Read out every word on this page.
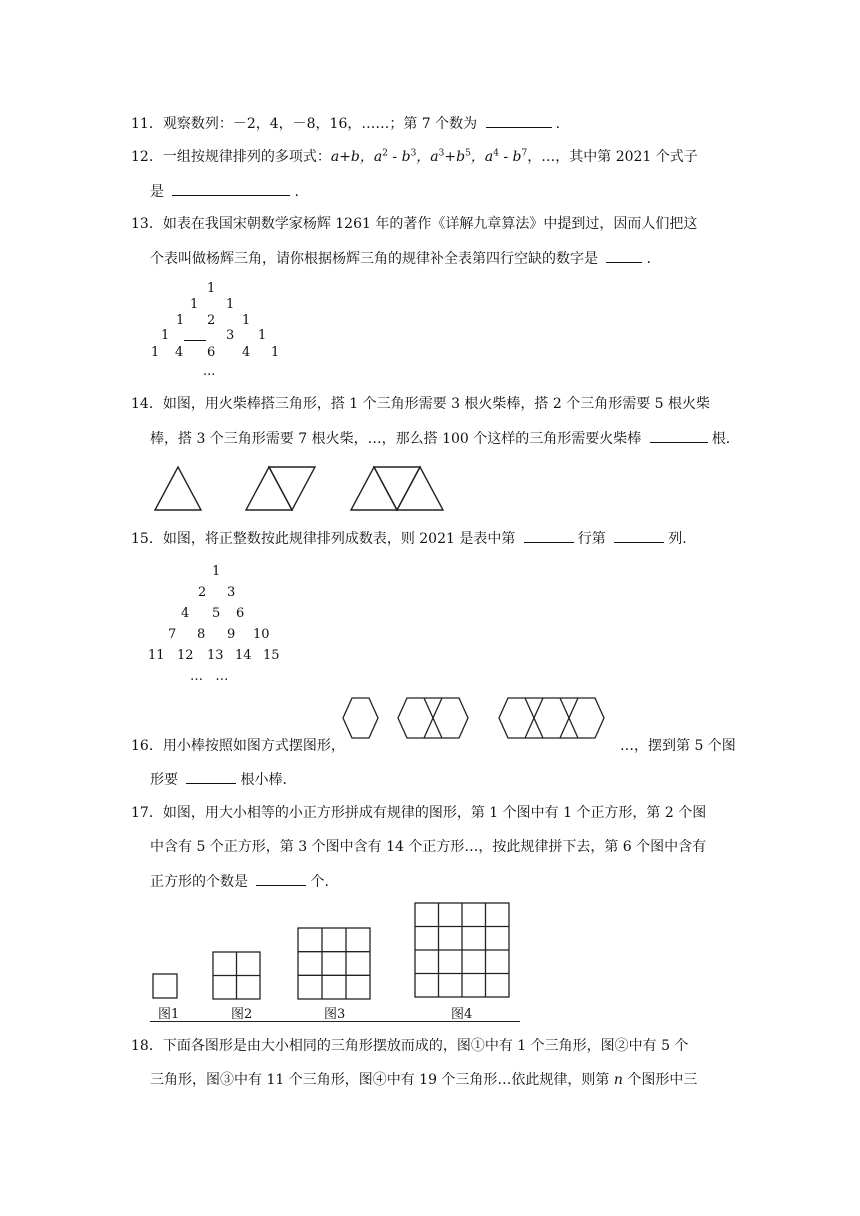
11．观察数列：－2，4，－8，16，……；第 7 个数为	.
12．一组按规律排列的多项式：a+b，$a^2 - b^3$，$a^3+b^5$，$a^4 - b^7$，…，其中第 2021 个式子
是	.
13．如表在我国宋朝数学家杨辉 1261 年的著作《详解九章算法》中提到过，因而人们把这
个表叫做杨辉三角，请你根据杨辉三角的规律补全表第四行空缺的数字是	.
1
1 1
1 2 1
1	3 1
1 4 6 4 1
...
14．如图，用火柴棒搭三角形，搭 1 个三角形需要 3 根火柴棒，搭 2 个三角形需要 5 根火柴
棒，搭 3 个三角形需要 7 根火柴，…，那么搭 100 个这样的三角形需要火柴棒	根.
15．如图，将正整数按此规律排列成数表，则 2021 是表中第	行第	列.
1
2 3
4 5 6
7 8 9 10
11 12 13 14 15
…   …
16．用小棒按照如图方式摆图形，	…，摆到第 5 个图
形要	根小棒.
17．如图，用大小相等的小正方形拼成有规律的图形，第 1 个图中有 1 个正方形，第 2 个图
中含有 5 个正方形，第 3 个图中含有 14 个正方形…，按此规律拼下去，第 6 个图中含有
正方形的个数是	个.
图1	图2	图3	图4
18．下面各图形是由大小相同的三角形摆放而成的，图①中有 1 个三角形，图②中有 5 个
三角形，图③中有 11 个三角形，图④中有 19 个三角形…依此规律，则第 n 个图形中三
